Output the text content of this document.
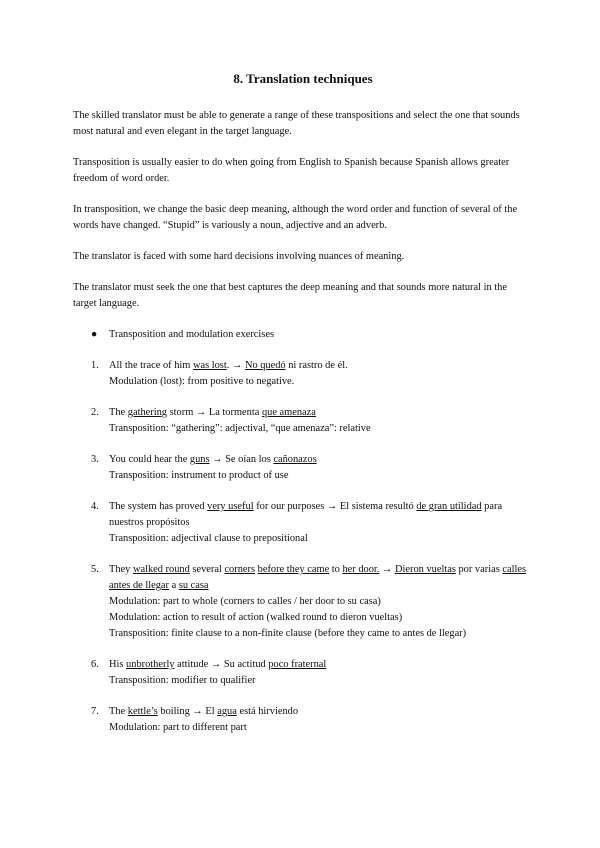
8. Translation techniques

The skilled translator must be able to generate a range of these transpositions and select the one that sounds most natural and even elegant in the target language.

Transposition is usually easier to do when going from English to Spanish because Spanish allows greater freedom of word order.

In transposition, we change the basic deep meaning, although the word order and function of several of the words have changed. “Stupid” is variously a noun, adjective and an adverb.

The translator is faced with some hard decisions involving nuances of meaning.

The translator must seek the one that best captures the deep meaning and that sounds more natural in the target language.

● Transposition and modulation exercises
1. All the trace of him was lost. → No quedó ni rastro de él.
Modulation (lost): from positive to negative.
2. The gathering storm → La tormenta que amenaza
Transposition: “gathering”: adjectival, “que amenaza”: relative
3. You could hear the guns → Se oían los cañonazos
Transposition: instrument to product of use
4. The system has proved very useful for our purposes → El sistema resultó de gran utilidad para nuestros propósitos
Transposition: adjectival clause to prepositional
5. They walked round several corners before they came to her door. → Dieron vueltas por varias calles antes de llegar a su casa
Modulation: part to whole (corners to calles / her door to su casa)
Modulation: action to result of action (walked round to dieron vueltas)
Transposition: finite clause to a non-finite clause (before they came to antes de llegar)
6. His unbrotherly attitude → Su actitud poco fraternal
Transposition: modifier to qualifier
7. The kettle’s boiling → El agua está hirviendo
Modulation: part to different part
